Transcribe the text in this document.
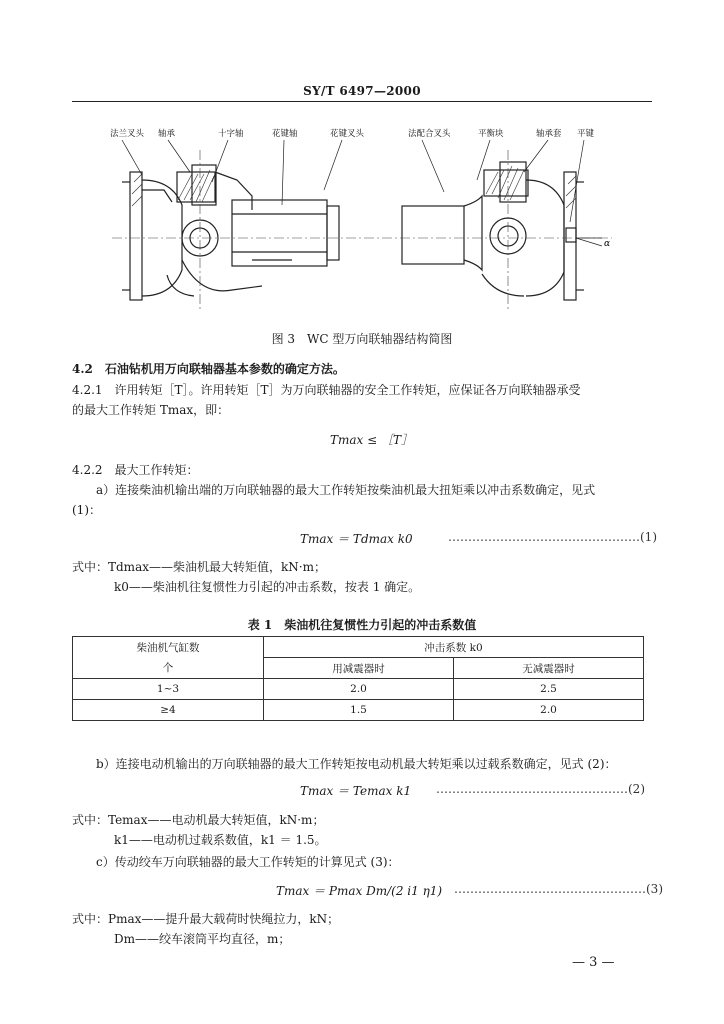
SY/T 6497—2000
法兰叉头 轴承	十字轴	花键轴	花键叉头	法配合叉头	平衡块	轴承套 平键
α
图 3　WC 型万向联轴器结构简图
4.2　石油钻机用万向联轴器基本参数的确定方法。
4.2.1　许用转矩［T］。许用转矩［T］为万向联轴器的安全工作转矩，应保证各万向联轴器承受
的最大工作转矩 Tmax，即：
Tmax ≤ ［T］
4.2.2　最大工作转矩：
a）连接柴油机输出端的万向联轴器的最大工作转矩按柴油机最大扭矩乘以冲击系数确定，见式
(1)：
Tmax ＝ Tdmax k0	…………………………………………(1)
式中：Tdmax——柴油机最大转矩值，kN·m；
k0——柴油机往复惯性力引起的冲击系数，按表 1 确定。
表 1　柴油机往复惯性力引起的冲击系数值
柴油机气缸数	冲击系数 k0	
个	用减震器时	无减震器时
1~3	2.0	2.5
≥4	1.5	2.0
b）连接电动机输出的万向联轴器的最大工作转矩按电动机最大转矩乘以过载系数确定，见式 (2)：
Tmax ＝ Temax k1 …………………………………………(2)
式中：Temax——电动机最大转矩值，kN·m；
k1——电动机过载系数值，k1 ＝ 1.5。
c）传动绞车万向联轴器的最大工作转矩的计算见式 (3)：
Tmax ＝ Pmax Dm/(2 i1 η1) …………………………………………(3)
式中：Pmax——提升最大载荷时快绳拉力，kN；
Dm——绞车滚筒平均直径，m；
— 3 —
